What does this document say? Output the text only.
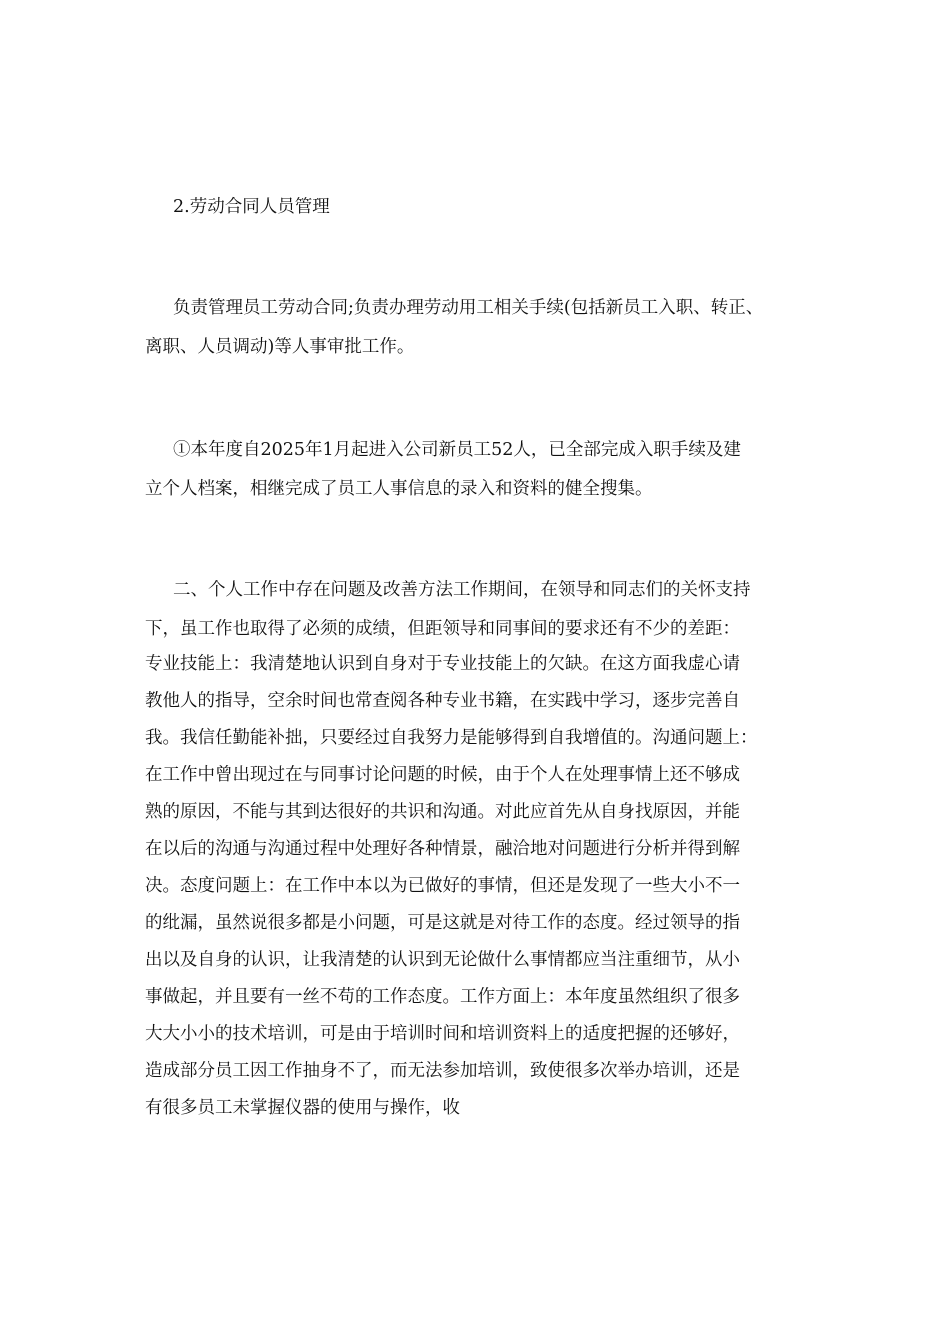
2.劳动合同人员管理
负责管理员工劳动合同;负责办理劳动用工相关手续(包括新员工入职、转正、
离职、人员调动)等人事审批工作。
①本年度自2025年1月起进入公司新员工52人，已全部完成入职手续及建
立个人档案，相继完成了员工人事信息的录入和资料的健全搜集。
二、个人工作中存在问题及改善方法工作期间，在领导和同志们的关怀支持
下，虽工作也取得了必须的成绩，但距领导和同事间的要求还有不少的差距：
专业技能上：我清楚地认识到自身对于专业技能上的欠缺。在这方面我虚心请
教他人的指导，空余时间也常查阅各种专业书籍，在实践中学习，逐步完善自
我。我信任勤能补拙，只要经过自我努力是能够得到自我增值的。沟通问题上：
在工作中曾出现过在与同事讨论问题的时候，由于个人在处理事情上还不够成
熟的原因，不能与其到达很好的共识和沟通。对此应首先从自身找原因，并能
在以后的沟通与沟通过程中处理好各种情景，融洽地对问题进行分析并得到解
决。态度问题上：在工作中本以为已做好的事情，但还是发现了一些大小不一
的纰漏，虽然说很多都是小问题，可是这就是对待工作的态度。经过领导的指
出以及自身的认识，让我清楚的认识到无论做什么事情都应当注重细节，从小
事做起，并且要有一丝不苟的工作态度。工作方面上：本年度虽然组织了很多
大大小小的技术培训，可是由于培训时间和培训资料上的适度把握的还够好，
造成部分员工因工作抽身不了，而无法参加培训，致使很多次举办培训，还是
有很多员工未掌握仪器的使用与操作，收
